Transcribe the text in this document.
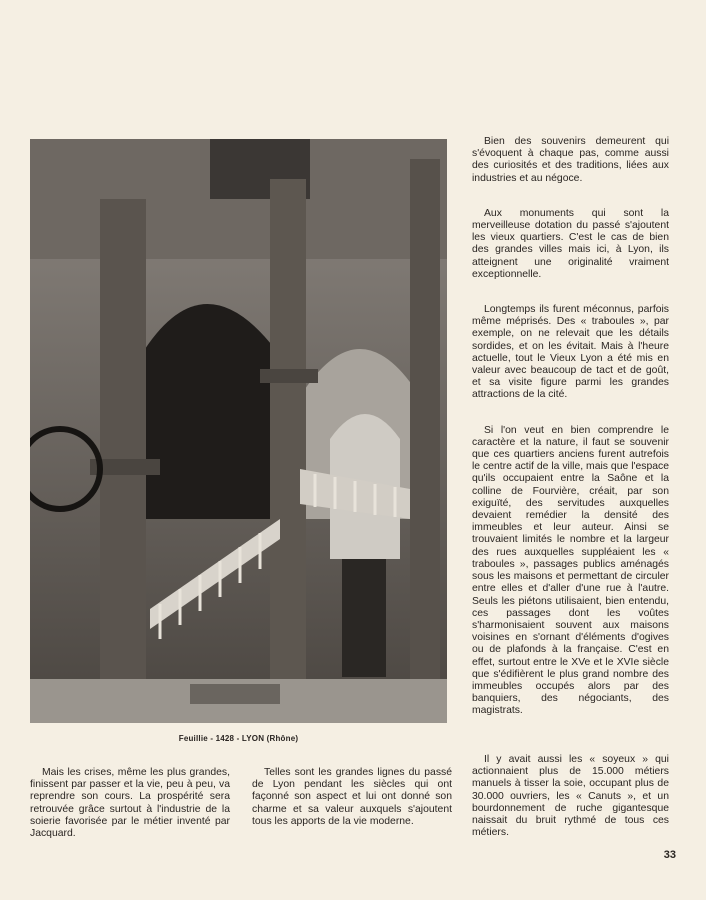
Feuillie - 1428 - LYON (Rhône)

Bien des souvenirs demeurent qui s'évoquent à chaque pas, comme aussi des curiosités et des traditions, liées aux industries et au négoce.

Aux monuments qui sont la merveilleuse dotation du passé s'ajoutent les vieux quartiers. C'est le cas de bien des grandes villes mais ici, à Lyon, ils atteignent une originalité vraiment exceptionnelle.

Longtemps ils furent méconnus, parfois même méprisés. Des « traboules », par exemple, on ne relevait que les détails sordides, et on les évitait. Mais à l'heure actuelle, tout le Vieux Lyon a été mis en valeur avec beaucoup de tact et de goût, et sa visite figure parmi les grandes attractions de la cité.

Si l'on veut en bien comprendre le caractère et la nature, il faut se souvenir que ces quartiers anciens furent autrefois le centre actif de la ville, mais que l'espace qu'ils occupaient entre la Saône et la colline de Fourvière, créait, par son exiguïté, des servitudes auxquelles devaient remédier la densité des immeubles et leur auteur. Ainsi se trouvaient limités le nombre et la largeur des rues auxquelles suppléaient les « traboules », passages publics aménagés sous les maisons et permettant de circuler entre elles et d'aller d'une rue à l'autre. Seuls les piétons utilisaient, bien entendu, ces passages dont les voûtes s'harmonisaient souvent aux maisons voisines en s'ornant d'éléments d'ogives ou de plafonds à la française. C'est en effet, surtout entre le XVe et le XVIe siècle que s'édifièrent le plus grand nombre des immeubles occupés alors par des banquiers, des négociants, des magistrats.

Il y avait aussi les « soyeux » qui actionnaient plus de 15.000 métiers manuels à tisser la soie, occupant plus de 30.000 ouvriers, les « Canuts », et un bourdonnement de ruche gigantesque naissait du bruit rythmé de tous ces métiers.

Mais les crises, même les plus grandes, finissent par passer et la vie, peu à peu, va reprendre son cours. La prospérité sera retrouvée grâce surtout à l'industrie de la soierie favorisée par le métier inventé par Jacquard.

Telles sont les grandes lignes du passé de Lyon pendant les siècles qui ont façonné son aspect et lui ont donné son charme et sa valeur auxquels s'ajoutent tous les apports de la vie moderne.

33
